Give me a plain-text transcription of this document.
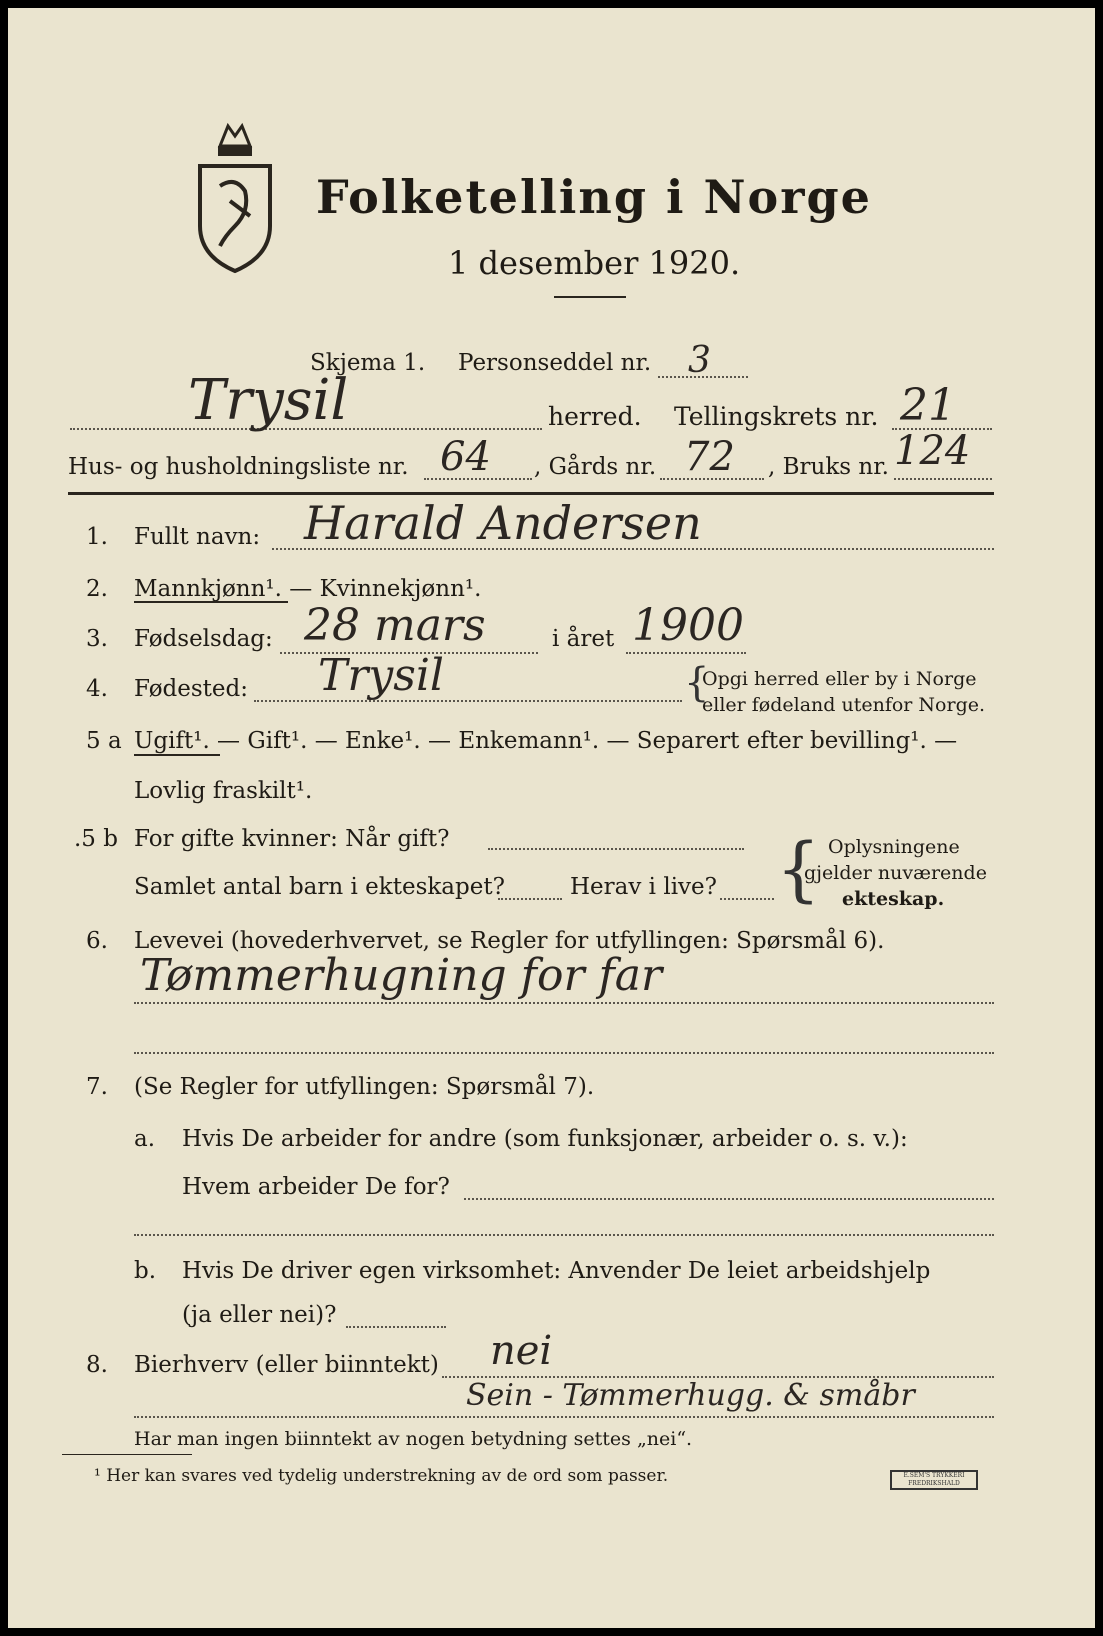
Folketelling i Norge
1 desember 1920.
Skjema 1. Personseddel nr. 3
Trysil	herred. Tellingskrets nr. 21
Hus- og husholdningsliste nr. 64 , Gårds nr. 72 , Bruks nr. 124
1. Fullt navn: Harald Andersen
2. Mannkjønn¹. — Kvinnekjønn¹.
3. Fødselsdag: 28 mars	i året 1900
4. Fødested: Trysil	{
Opgi herred eller by i Norge
eller fødeland utenfor Norge.
5 a Ugift¹. — Gift¹. — Enke¹. — Enkemann¹. — Separert efter bevilling¹. —
Lovlig fraskilt¹.
.5 b For gifte kvinner: Når gift?
Samlet antal barn i ekteskapet?	Herav i live? { Oplysningene
gjelder nuværende
ekteskap.
6. Levevei (hovederhvervet, se Regler for utfyllingen: Spørsmål 6).
Tømmerhugning for far
7. (Se Regler for utfyllingen: Spørsmål 7).
a. Hvis De arbeider for andre (som funksjonær, arbeider o. s. v.):
Hvem arbeider De for?
b. Hvis De driver egen virksomhet: Anvender De leiet arbeidshjelp
(ja eller nei)?
8. Bierhverv (eller biinntekt) nei
Sein - Tømmerhugg. & småbr
Har man ingen biinntekt av nogen betydning settes „nei“.
¹ Her kan svares ved tydelig understrekning av de ord som passer.	E.SEM'S TRYKKERI FREDRIKSHALD
